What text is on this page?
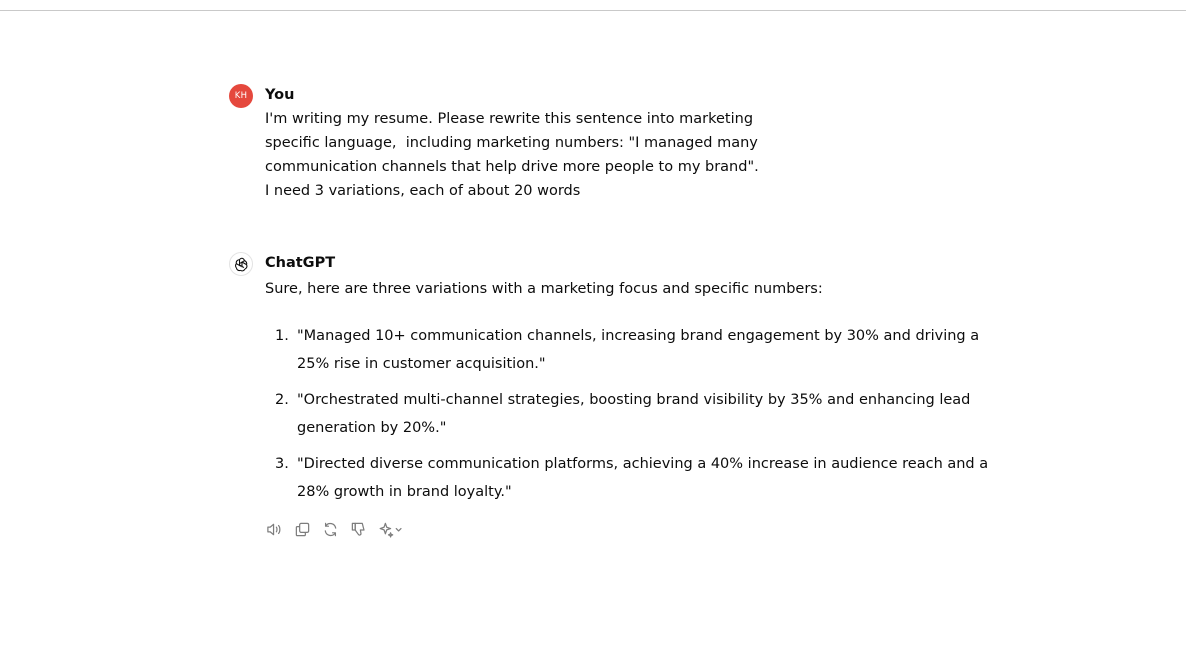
KH You
I'm writing my resume. Please rewrite this sentence into marketing specific language,  including marketing numbers: "I managed many communication channels that help drive more people to my brand". I need 3 variations, each of about 20 words
ChatGPT
Sure, here are three variations with a marketing focus and specific numbers:
1. "Managed 10+ communication channels, increasing brand engagement by 30% and driving a 25% rise in customer acquisition."
2. "Orchestrated multi-channel strategies, boosting brand visibility by 35% and enhancing lead generation by 20%."
3. "Directed diverse communication platforms, achieving a 40% increase in audience reach and a 28% growth in brand loyalty."
